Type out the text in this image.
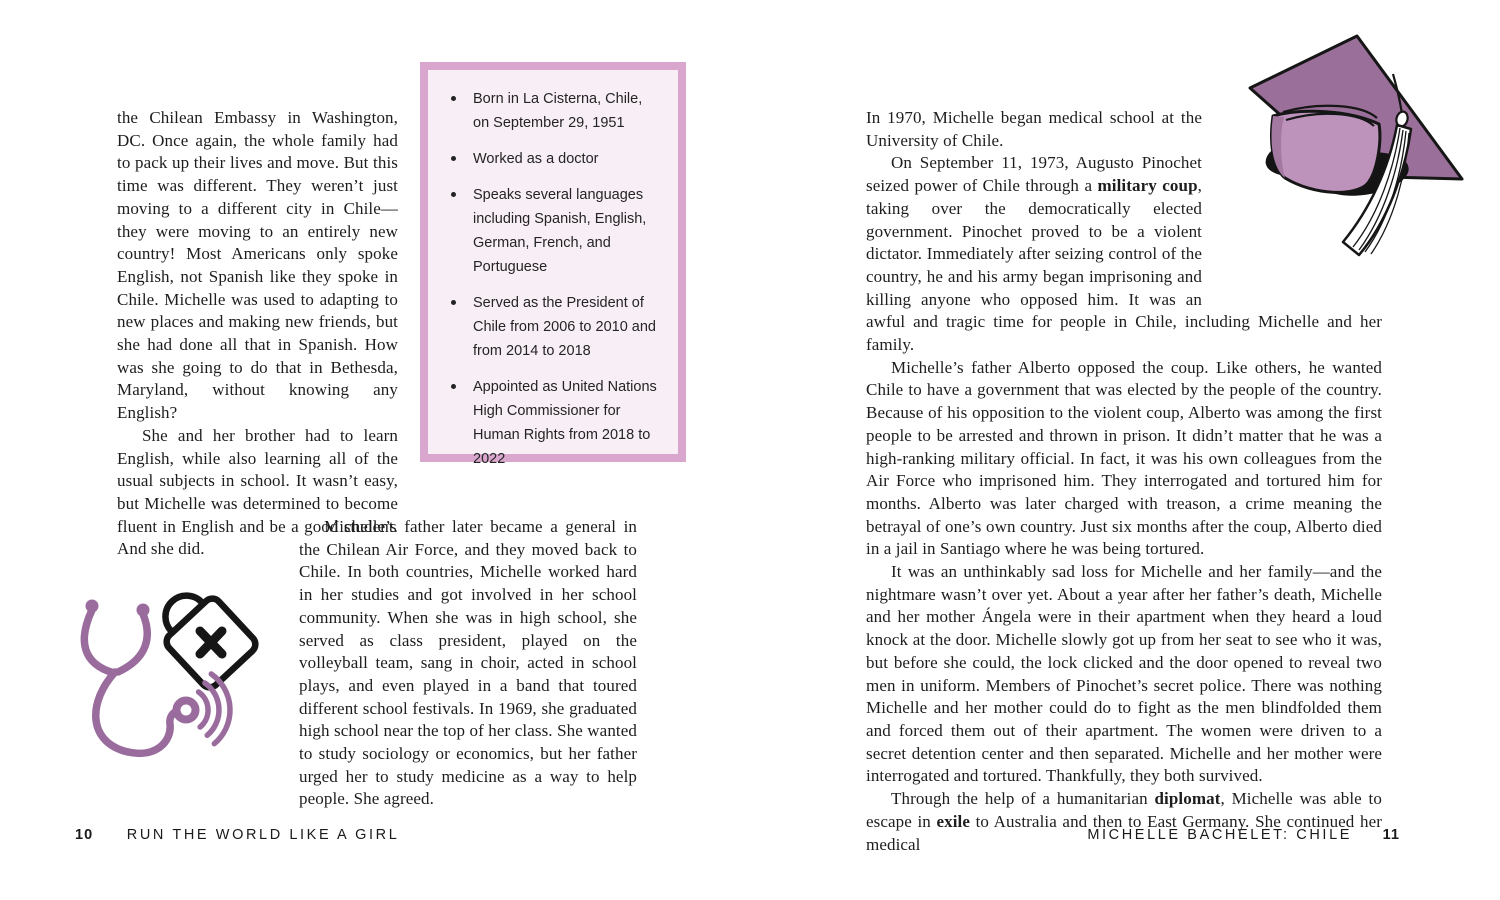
the Chilean Embassy in Washington, DC. Once again, the whole family had to pack up their lives and move. But this time was different. They weren’t just moving to a different city in Chile—they were moving to an entirely new country! Most Americans only spoke English, not Spanish like they spoke in Chile. Michelle was used to adapting to new places and making new friends, but she had done all that in Spanish. How was she going to do that in Bethesda, Maryland, without knowing any English?

She and her brother had to learn English, while also learning all of the usual subjects in school. It wasn’t easy, but Michelle was determined to become fluent in English and be a good student. And she did.

Born in La Cisterna, Chile, on September 29, 1951
Worked as a doctor
Speaks several languages including Spanish, English, German, French, and Portuguese
Served as the President of Chile from 2006 to 2010 and from 2014 to 2018
Appointed as United Nations High Commissioner for Human Rights from 2018 to 2022

Michelle’s father later became a general in the Chilean Air Force, and they moved back to Chile. In both countries, Michelle worked hard in her studies and got involved in her school community. When she was in high school, she served as class president, played on the volleyball team, sang in choir, acted in school plays, and even played in a band that toured different school festivals. In 1969, she graduated high school near the top of her class. She wanted to study sociology or economics, but her father urged her to study medicine as a way to help people. She agreed.

In 1970, Michelle began medical school at the University of Chile.

On September 11, 1973, Augusto Pinochet seized power of Chile through a military coup, taking over the democratically elected government. Pinochet proved to be a violent dictator. Immediately after seizing control of the country, he and his army began imprisoning and killing anyone who opposed him. It was an awful and tragic time for people in Chile, including Michelle and her family.

Michelle’s father Alberto opposed the coup. Like others, he wanted Chile to have a government that was elected by the people of the country. Because of his opposition to the violent coup, Alberto was among the first people to be arrested and thrown in prison. It didn’t matter that he was a high-ranking military official. In fact, it was his own colleagues from the Air Force who imprisoned him. They interrogated and tortured him for months. Alberto was later charged with treason, a crime meaning the betrayal of one’s own country. Just six months after the coup, Alberto died in a jail in Santiago where he was being tortured.

It was an unthinkably sad loss for Michelle and her family—and the nightmare wasn’t over yet. About a year after her father’s death, Michelle and her mother Ángela were in their apartment when they heard a loud knock at the door. Michelle slowly got up from her seat to see who it was, but before she could, the lock clicked and the door opened to reveal two men in uniform. Members of Pinochet’s secret police. There was nothing Michelle and her mother could do to fight as the men blindfolded them and forced them out of their apartment. The women were driven to a secret detention center and then separated. Michelle and her mother were interrogated and tortured. Thankfully, they both survived.

Through the help of a humanitarian diplomat, Michelle was able to escape in exile to Australia and then to East Germany. She continued her medical

10 RUN THE WORLD LIKE A GIRL	MICHELLE BACHELET: CHILE 11
